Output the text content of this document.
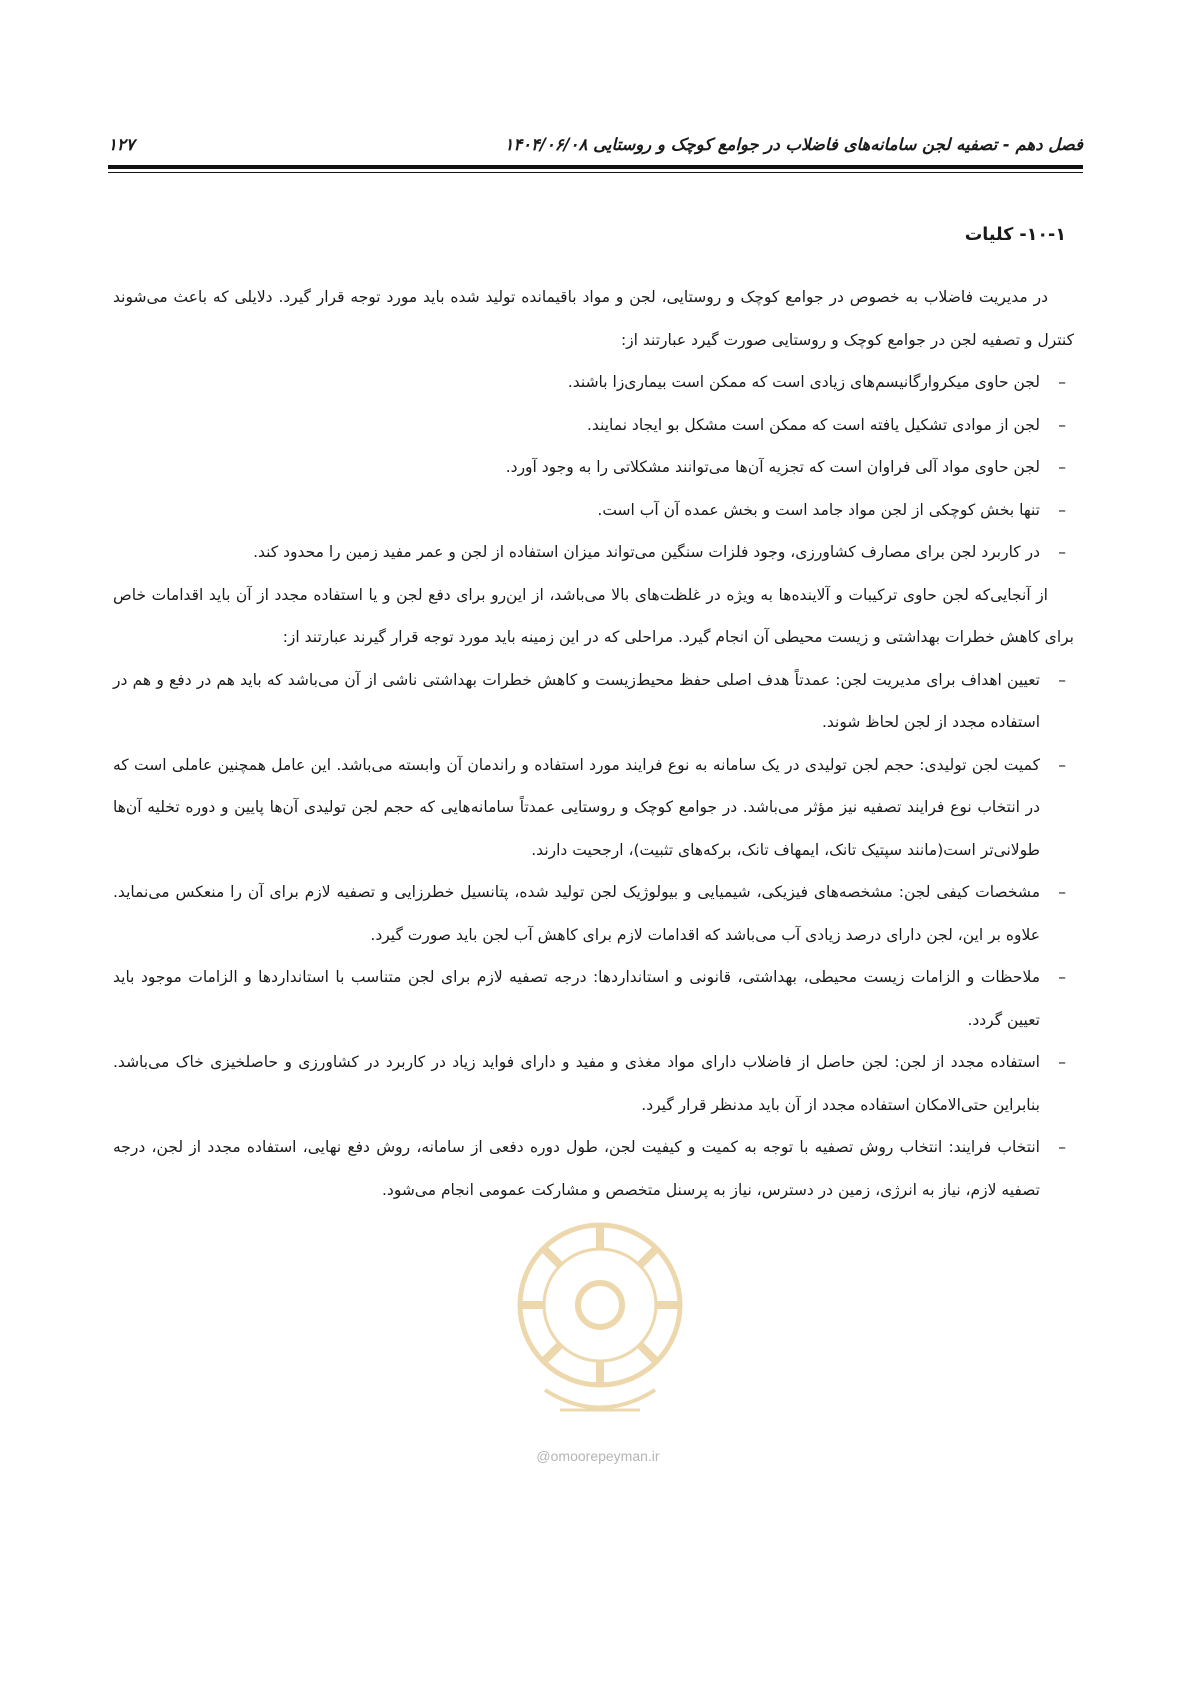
فصل دهم - تصفیه لجن سامانه‌های فاضلاب در جوامع کوچک و روستایی ۱۴۰۴/۰۶/۰۸
۱۲۷
۱۰-۱- کلیات

در مدیریت فاضلاب به خصوص در جوامع کوچک و روستایی، لجن و مواد باقیمانده تولید شده باید مورد توجه قرار گیرد. دلایلی که باعث می‌شوند کنترل و تصفیه لجن در جوامع کوچک و روستایی صورت گیرد عبارتند از:

–
لجن حاوی میکروارگانیسم‌های زیادی است که ممکن است بیماری‌زا باشند.
–
لجن از موادی تشکیل یافته است که ممکن است مشکل بو ایجاد نمایند.
–
لجن حاوی مواد آلی فراوان است که تجزیه آن‌ها می‌توانند مشکلاتی را به وجود آورد.
–
تنها بخش کوچکی از لجن مواد جامد است و بخش عمده آن آب است.
–
در کاربرد لجن برای مصارف کشاورزی، وجود فلزات سنگین می‌تواند میزان استفاده از لجن و عمر مفید زمین را محدود کند.

از آنجایی‌که لجن حاوی ترکیبات و آلاینده‌ها به ویژه در غلظت‌های بالا می‌باشد، از این‌رو برای دفع لجن و یا استفاده مجدد از آن باید اقدامات خاص برای کاهش خطرات بهداشتی و زیست محیطی آن انجام گیرد. مراحلی که در این زمینه باید مورد توجه قرار گیرند عبارتند از:

–
تعیین اهداف برای مدیریت لجن: عمدتاً هدف اصلی حفظ محیط‌زیست و کاهش خطرات بهداشتی ناشی از آن می‌باشد که باید هم در دفع و هم در استفاده مجدد از لجن لحاظ شوند.
–
کمیت لجن تولیدی: حجم لجن تولیدی در یک سامانه به نوع فرایند مورد استفاده و راندمان آن وابسته می‌باشد. این عامل همچنین عاملی است که در انتخاب نوع فرایند تصفیه نیز مؤثر می‌باشد. در جوامع کوچک و روستایی عمدتاً سامانه‌هایی که حجم لجن تولیدی آن‌ها پایین و دوره تخلیه آن‌ها طولانی‌تر است(مانند سپتیک تانک، ایمهاف تانک، برکه‌های تثبیت)، ارجحیت دارند.
–
مشخصات کیفی لجن: مشخصه‌های فیزیکی، شیمیایی و بیولوژیک لجن تولید شده، پتانسیل خطرزایی و تصفیه لازم برای آن را منعکس می‌نماید. علاوه بر این، لجن دارای درصد زیادی آب می‌باشد که اقدامات لازم برای کاهش آب لجن باید صورت گیرد.
–
ملاحظات و الزامات زیست محیطی، بهداشتی، قانونی و استانداردها: درجه تصفیه لازم برای لجن متناسب با استانداردها و الزامات موجود باید تعیین گردد.
–
استفاده مجدد از لجن: لجن حاصل از فاضلاب دارای مواد مغذی و مفید و دارای فواید زیاد در کاربرد در کشاورزی و حاصلخیزی خاک می‌باشد. بنابراین حتی‌الامکان استفاده مجدد از آن باید مدنظر قرار گیرد.
–
انتخاب فرایند: انتخاب روش تصفیه با توجه به کمیت و کیفیت لجن، طول دوره دفعی از سامانه، روش دفع نهایی، استفاده مجدد از لجن، درجه تصفیه لازم، نیاز به انرژی، زمین در دسترس، نیاز به پرسنل متخصص و مشارکت عمومی انجام می‌شود.
@omoorepeyman.ir
